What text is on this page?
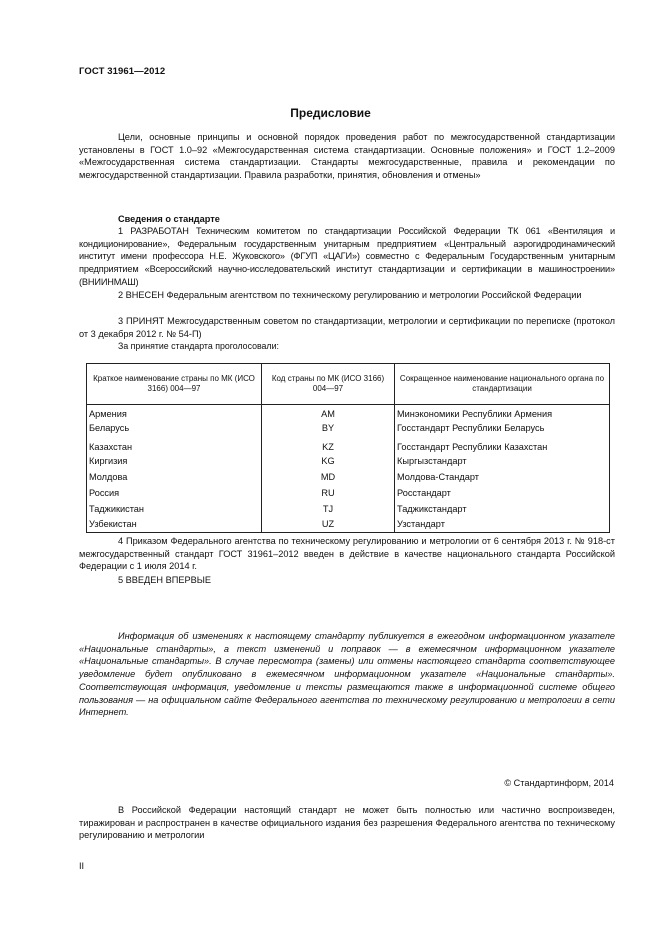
ГОСТ 31961—2012
Предисловие
Цели, основные принципы и основной порядок проведения работ по межгосударственной стандартизации установлены в ГОСТ 1.0–92 «Межгосударственная система стандартизации. Основные положения» и ГОСТ 1.2–2009 «Межгосударственная система стандартизации. Стандарты межгосударственные, правила и рекомендации по межгосударственной стандартизации. Правила разработки, принятия, обновления и отмены»
Сведения о стандарте
1 РАЗРАБОТАН Техническим комитетом по стандартизации Российской Федерации ТК 061 «Вентиляция и кондиционирование», Федеральным государственным унитарным предприятием «Центральный аэрогидродинамический институт имени профессора Н.Е. Жуковского» (ФГУП «ЦАГИ») совместно с Федеральным Государственным унитарным предприятием «Всероссийский научно-исследовательский институт стандартизации и сертификации в машиностроении» (ВНИИНМАШ)
2 ВНЕСЕН Федеральным агентством по техническому регулированию и метрологии Российской Федерации
3 ПРИНЯТ Межгосударственным советом по стандартизации, метрологии и сертификации по переписке (протокол от 3 декабря 2012 г. № 54-П)
За принятие стандарта проголосовали:
Краткое наименование страны по МК (ИСО 3166) 004—97	Код страны по МК (ИСО 3166) 004—97	Сокращенное наименование национального органа по стандартизации
Армения	AM	Минэкономики Республики Армения
Беларусь	BY	Госстандарт Республики Беларусь
Казахстан	KZ	Госстандарт Республики Казахстан
Киргизия	KG	Кыргызстандарт
Молдова	MD	Молдова-Стандарт
Россия	RU	Росстандарт
Таджикистан	TJ	Таджикстандарт
Узбекистан	UZ	Узстандарт
4 Приказом Федерального агентства по техническому регулированию и метрологии от 6 сентября 2013 г. № 918-ст межгосударственный стандарт ГОСТ 31961–2012 введен в действие в качестве национального стандарта Российской Федерации с 1 июля 2014 г.
5 ВВЕДЕН ВПЕРВЫЕ
Информация об изменениях к настоящему стандарту публикуется в ежегодном информационном указателе «Национальные стандарты», а текст изменений и поправок — в ежемесячном информационном указателе «Национальные стандарты». В случае пересмотра (замены) или отмены настоящего стандарта соответствующее уведомление будет опубликовано в ежемесячном информационном указателе «Национальные стандарты». Соответствующая информация, уведомление и тексты размещаются также в информационной системе общего пользования — на официальном сайте Федерального агентства по техническому регулированию и метрологии в сети Интернет.
© Стандартинформ, 2014
В Российской Федерации настоящий стандарт не может быть полностью или частично воспроизведен, тиражирован и распространен в качестве официального издания без разрешения Федерального агентства по техническому регулированию и метрологии
II
